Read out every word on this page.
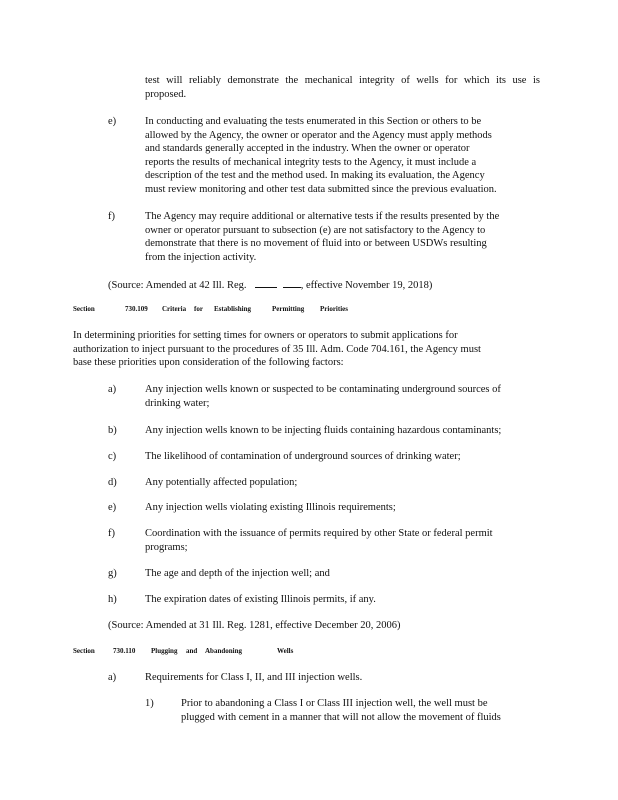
test will reliably demonstrate the mechanical integrity of wells for which its use is
proposed.
e)	In conducting and evaluating the tests enumerated in this Section or others to be
allowed by the Agency, the owner or operator and the Agency must apply methods
and standards generally accepted in the industry. When the owner or operator
reports the results of mechanical integrity tests to the Agency, it must include a
description of the test and the method used. In making its evaluation, the Agency
must review monitoring and other test data submitted since the previous evaluation.
f)	The Agency may require additional or alternative tests if the results presented by the
owner or operator pursuant to subsection (e) are not satisfactory to the Agency to
demonstrate that there is no movement of fluid into or between USDWs resulting
from the injection activity.
(Source: Amended at 42 Ill. Reg.	, effective November 19, 2018)
Section	730.109 Criteria for Establishing	Permitting Priorities
In determining priorities for setting times for owners or operators to submit applications for
authorization to inject pursuant to the procedures of 35 Ill. Adm. Code 704.161, the Agency must
base these priorities upon consideration of the following factors:
a)	Any injection wells known or suspected to be contaminating underground sources of
drinking water;
b)	Any injection wells known to be injecting fluids containing hazardous contaminants;
c)	The likelihood of contamination of underground sources of drinking water;
d)	Any potentially affected population;
e)	Any injection wells violating existing Illinois requirements;
f)	Coordination with the issuance of permits required by other State or federal permit
programs;
g)	The age and depth of the injection well; and
h)	The expiration dates of existing Illinois permits, if any.
(Source: Amended at 31 Ill. Reg. 1281, effective December 20, 2006)
Section	730.110 Plugging and Abandoning	Wells
a)	Requirements for Class I, II, and III injection wells.
1)	Prior to abandoning a Class I or Class III injection well, the well must be
plugged with cement in a manner that will not allow the movement of fluids
